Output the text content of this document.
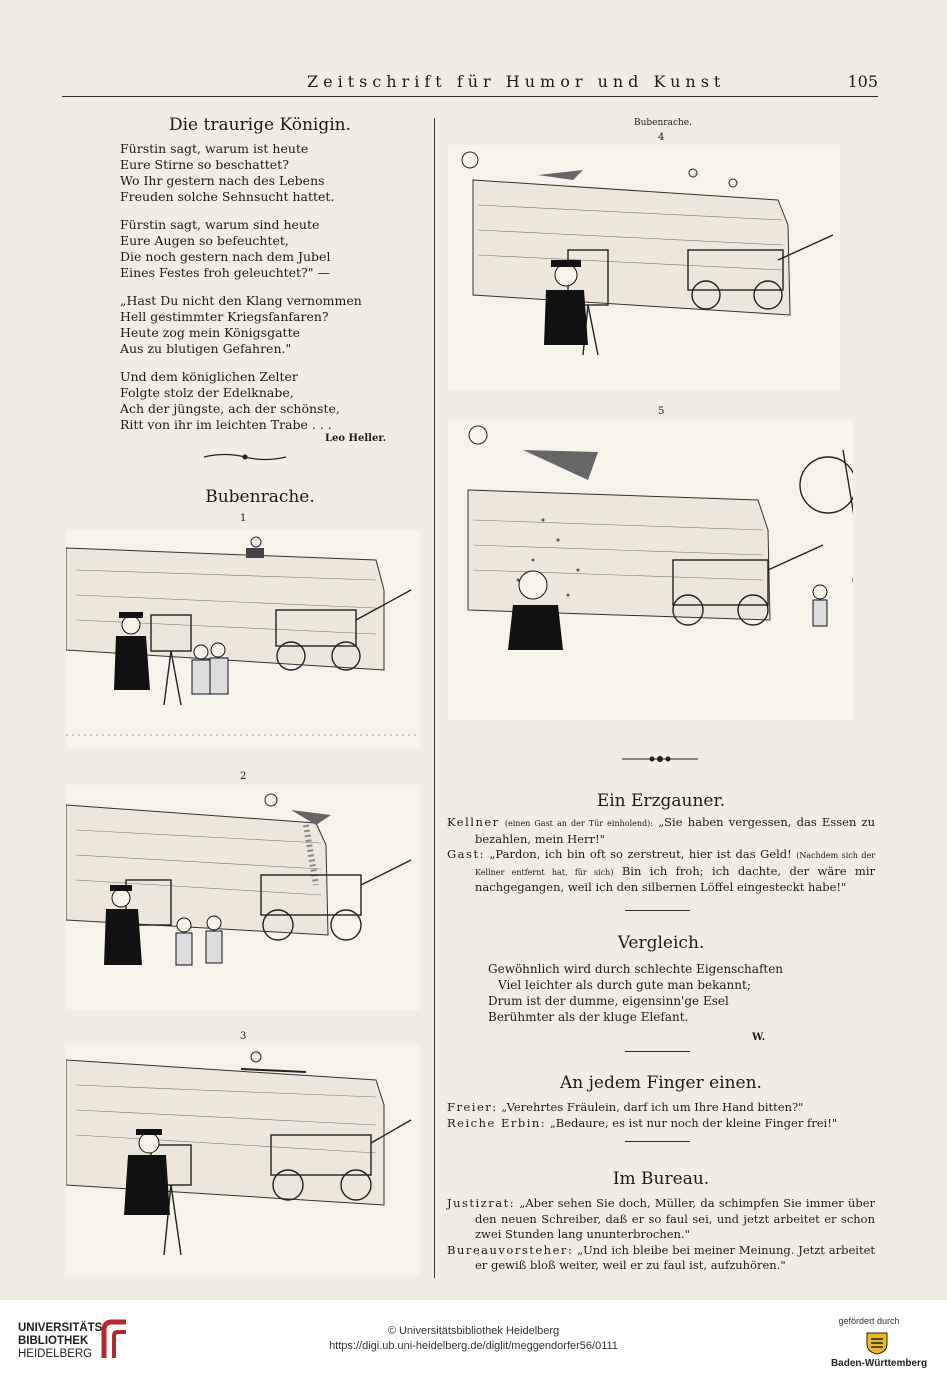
Zeitschrift für Humor und Kunst	105
Die traurige Königin.

Fürstin sagt, warum ist heute
Eure Stirne so beschattet?
Wo Ihr gestern nach des Lebens
Freuden solche Sehnsucht hattet.

Fürstin sagt, warum sind heute
Eure Augen so befeuchtet,
Die noch gestern nach dem Jubel
Eines Festes froh geleuchtet?" —

„Hast Du nicht den Klang vernommen
Hell gestimmter Kriegsfanfaren?
Heute zog mein Königsgatte
Aus zu blutigen Gefahren."

Und dem königlichen Zelter
Folgte stolz der Edelknabe,
Ach der jüngste, ach der schönste,
Ritt von ihr im leichten Trabe . . .

Leo Heller.
Bubenrache.
1
2
3
Bubenrache.
4
5
Ein Erzgauner.

Kellner (einen Gast an der Tür einholend): „Sie haben vergessen, das Essen zu bezahlen, mein Herr!"

Gast: „Pardon, ich bin oft so zerstreut, hier ist das Geld! (Nachdem sich der Kellner entfernt hat, für sich) Bin ich froh; ich dachte, der wäre mir nachgegangen, weil ich den silbernen Löffel eingesteckt habe!"

Vergleich.
Gewöhnlich wird durch schlechte Eigenschaften
Viel leichter als durch gute man bekannt;
Drum ist der dumme, eigensinn'ge Esel
Berühmter als der kluge Elefant.
W.
An jedem Finger einen.

Freier: „Verehrtes Fräulein, darf ich um Ihre Hand bitten?"

Reiche Erbin: „Bedaure, es ist nur noch der kleine Finger frei!"

Im Bureau.

Justizrat: „Aber sehen Sie doch, Müller, da schimpfen Sie immer über den neuen Schreiber, daß er so faul sei, und jetzt arbeitet er schon zwei Stunden lang ununterbrochen."

Bureauvorsteher: „Und ich bleibe bei meiner Meinung. Jetzt arbeitet er gewiß bloß weiter, weil er zu faul ist, aufzuhören."

UNIVERSITÄTS-
BIBLIOTHEK
HEIDELBERG
© Universitätsbibliothek Heidelberg
https://digi.ub.uni-heidelberg.de/diglit/meggendorfer56/0111
gefördert durch
Baden-Württemberg
